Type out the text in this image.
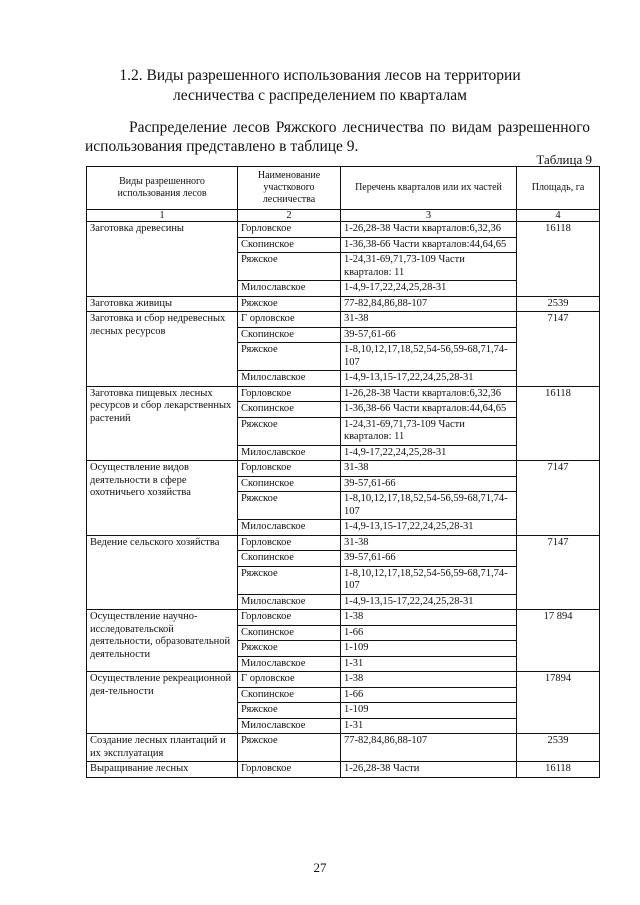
1.2. Виды разрешенного использования лесов на территории
лесничества с распределением по кварталам
Распределение лесов Ряжского лесничества по видам разрешенного использования представлено в таблице 9.
Таблица 9
Виды разрешенного использования лесов	Наименование участкового лесничества	Перечень кварталов или их частей	Площадь, га
1	2	3	4
Заготовка древесины	Горловское	1-26,28-38 Части кварталов:6,32,36	16118
	Скопинское	1-36,38-66 Части кварталов:44,64,65	
	Ряжское	1-24,31-69,71,73-109 Части кварталов: 11	
	Милославское	1-4,9-17,22,24,25,28-31	
Заготовка живицы	Ряжское	77-82,84,86,88-107	2539
Заготовка и сбор недревесных лесных ресурсов	Г орловское	31-38	7147
	Скопинское	39-57,61-66	
	Ряжское	1-8,10,12,17,18,52,54-56,59-68,71,74-107	
	Милославское	1-4,9-13,15-17,22,24,25,28-31	
Заготовка пищевых лесных ресурсов и сбор лекарственных растений	Горловское	1-26,28-38 Части кварталов:6,32,36	16118
	Скопинское	1-36,38-66 Части кварталов:44,64,65	
	Ряжское	1-24,31-69,71,73-109 Части кварталов: 11	
	Милославское	1-4,9-17,22,24,25,28-31	
Осуществление видов деятельности в сфере охотничьего хозяйства	Горловское	31-38	7147
	Скопинское	39-57,61-66	
	Ряжское	1-8,10,12,17,18,52,54-56,59-68,71,74-107	
	Милославское	1-4,9-13,15-17,22,24,25,28-31	
Ведение сельского хозяйства	Горловское	31-38	7147
	Скопинское	39-57,61-66	
	Ряжское	1-8,10,12,17,18,52,54-56,59-68,71,74-107	
	Милославское	1-4,9-13,15-17,22,24,25,28-31	
Осуществление научно-исследовательской деятельности, образовательной деятельности	Горловское	1-38	17 894
	Скопинское	1-66	
	Ряжское	1-109	
	Милославское	1-31	
Осуществление рекреационной дея-тельности	Г орловское	1-38	17894
	Скопинское	1-66	
	Ряжское	1-109	
	Милославское	1-31	
Создание лесных плантаций и их эксплуатация	Ряжское	77-82,84,86,88-107	2539
Выращивание лесных	Горловское	1-26,28-38 Части	16118
27
